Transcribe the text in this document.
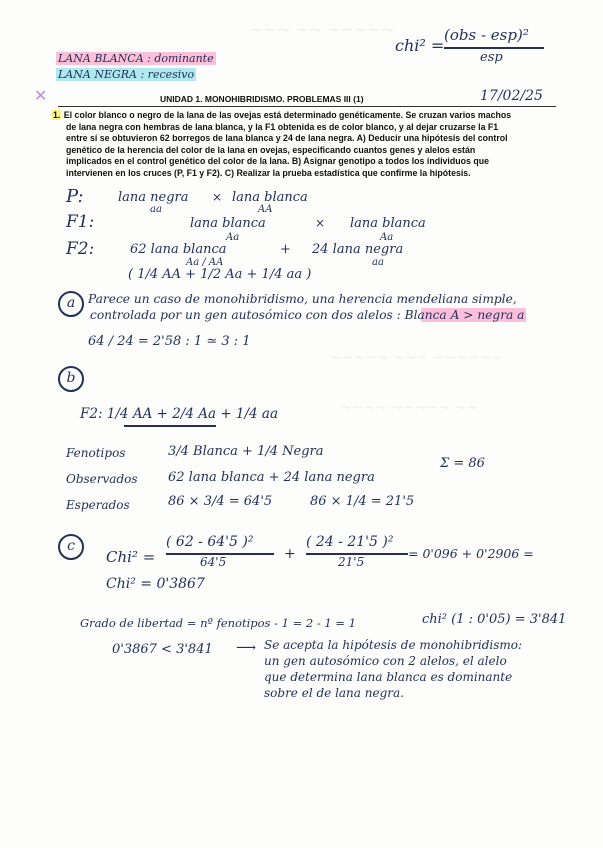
~~~ ~~ ~~~~~
~~~~~ ~~~ ~~~~~~
~~~~ ~~~~~ ~~
LANA BLANCA : dominante
LANA NEGRA : recesivo
✕
chi² =
(obs - esp)²
esp
UNIDAD 1. MONOHIBRIDISMO. PROBLEMAS III (1)	17/02/25
1. El color blanco o negro de la lana de las ovejas está determinado genéticamente. Se cruzan varios machos
de lana negra con hembras de lana blanca, y la F1 obtenida es de color blanco, y al dejar cruzarse la F1
entre sí se obtuvieron 62 borregos de lana blanca y 24 de lana negra. A) Deducir una hipótesis del control
genético de la herencia del color de la lana en ovejas, especificando cuantos genes y alelos están
implicados en el control genético del color de la lana. B) Asignar genotipo a todos los individuos que
intervienen en los cruces (P, F1 y F2). C) Realizar la prueba estadística que confirme la hipótesis.
P:	lana negra
aa
× lana blanca
AA
F1:	lana blanca
Aa
× lana blanca
Aa
F2:	62 lana blanca
Aa / AA
+ 24 lana negra
aa
( 1/4 AA + 1/2 Aa + 1/4 aa )
a	Parece un caso de monohibridismo, una herencia mendeliana simple,
controlada por un gen autosómico con dos alelos : Blanca A > negra a
64 / 24 = 2'58 : 1 ≃ 3 : 1
b
F2: 1/4 AA + 2/4 Aa + 1/4 aa
Fenotipos	3/4 Blanca + 1/4 Negra
Observados 62 lana blanca + 24 lana negra
Σ = 86
Esperados	86 × 3/4 = 64'5	86 × 1/4 = 21'5
c
Chi² =
( 62 - 64'5 )²
64'5	+
( 24 - 21'5 )²
21'5
= 0'096 + 0'2906 =
Chi² = 0'3867
Grado de libertad = nº fenotipos - 1 = 2 - 1 = 1	chi² (1 : 0'05) = 3'841
0'3867 < 3'841 ⟶ Se acepta la hipótesis de monohibridismo:
un gen autosómico con 2 alelos, el alelo
que determina lana blanca es dominante
sobre el de lana negra.
